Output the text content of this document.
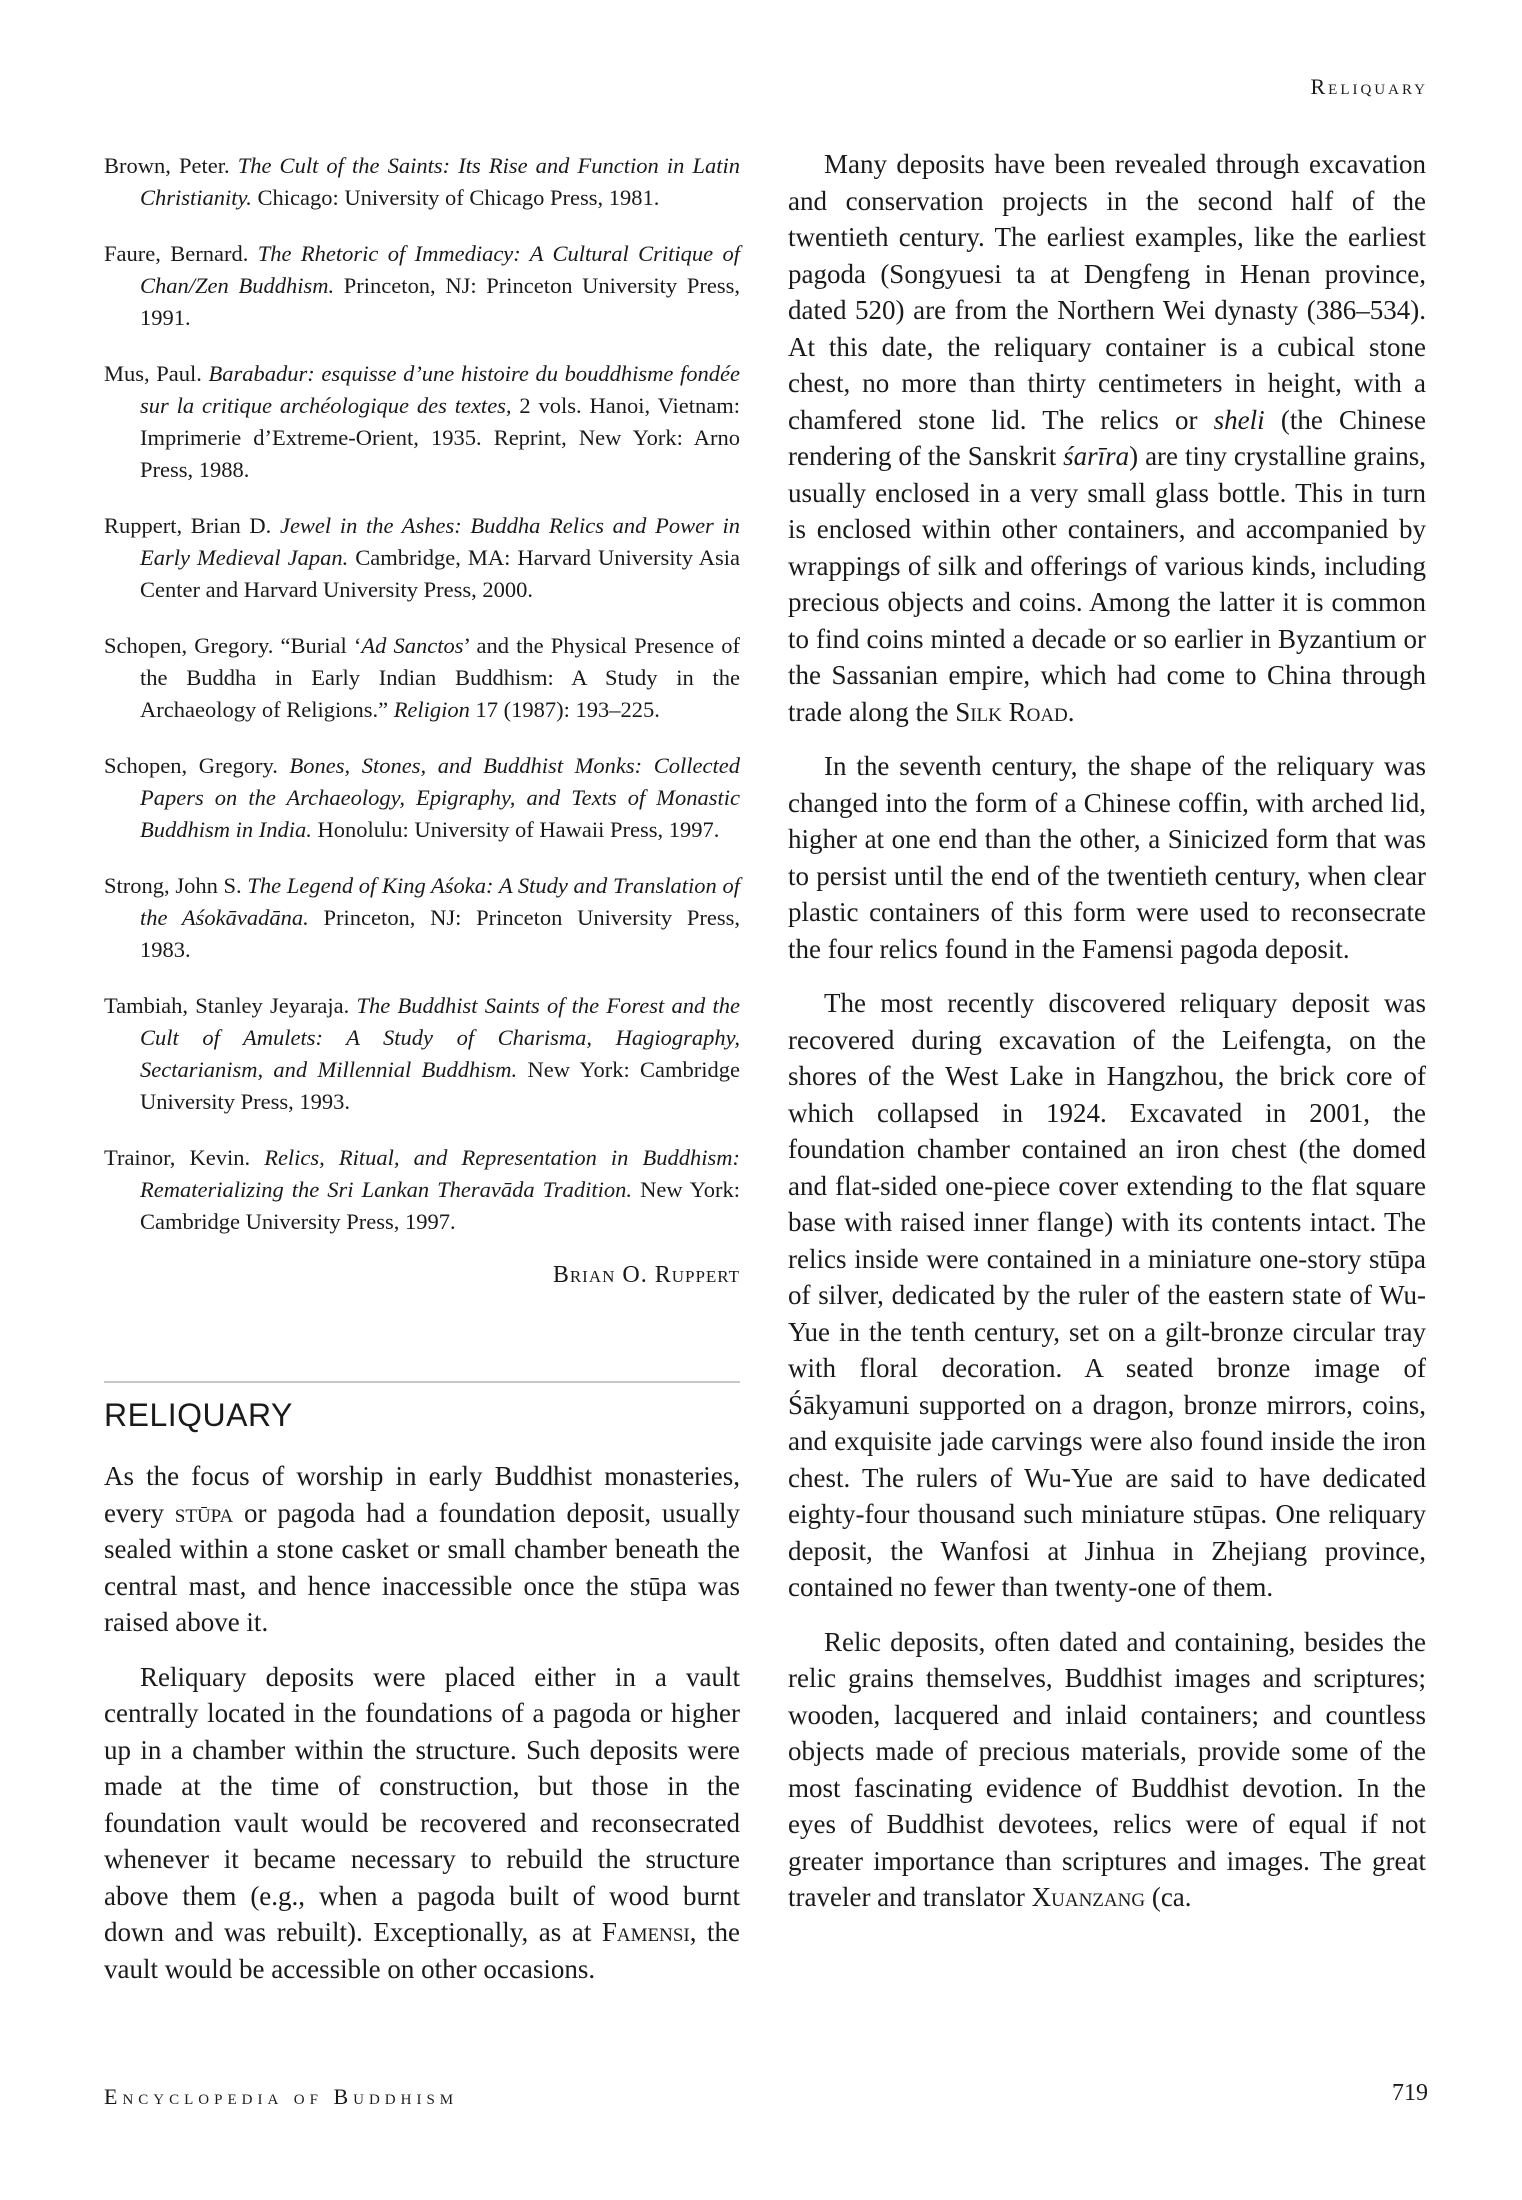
Reliquary

Brown, Peter. The Cult of the Saints: Its Rise and Function in Latin Christianity. Chicago: University of Chicago Press, 1981.

Faure, Bernard. The Rhetoric of Immediacy: A Cultural Critique of Chan/Zen Buddhism. Princeton, NJ: Princeton University Press, 1991.

Mus, Paul. Barabadur: esquisse d’une histoire du bouddhisme fondée sur la critique archéologique des textes, 2 vols. Hanoi, Vietnam: Imprimerie d’Extreme-Orient, 1935. Reprint, New York: Arno Press, 1988.

Ruppert, Brian D. Jewel in the Ashes: Buddha Relics and Power in Early Medieval Japan. Cambridge, MA: Harvard University Asia Center and Harvard University Press, 2000.

Schopen, Gregory. “Burial ‘Ad Sanctos’ and the Physical Presence of the Buddha in Early Indian Buddhism: A Study in the Archaeology of Religions.” Religion 17 (1987): 193–225.

Schopen, Gregory. Bones, Stones, and Buddhist Monks: Collected Papers on the Archaeology, Epigraphy, and Texts of Monastic Buddhism in India. Honolulu: University of Hawaii Press, 1997.

Strong, John S. The Legend of King Aśoka: A Study and Translation of the Aśokāvadāna. Princeton, NJ: Princeton University Press, 1983.

Tambiah, Stanley Jeyaraja. The Buddhist Saints of the Forest and the Cult of Amulets: A Study of Charisma, Hagiography, Sectarianism, and Millennial Buddhism. New York: Cambridge University Press, 1993.

Trainor, Kevin. Relics, Ritual, and Representation in Buddhism: Rematerializing the Sri Lankan Theravāda Tradition. New York: Cambridge University Press, 1997.

Brian O. Ruppert
RELIQUARY

As the focus of worship in early Buddhist monasteries, every stūpa or pagoda had a foundation deposit, usually sealed within a stone casket or small chamber beneath the central mast, and hence inaccessible once the stūpa was raised above it.

Reliquary deposits were placed either in a vault centrally located in the foundations of a pagoda or higher up in a chamber within the structure. Such deposits were made at the time of construction, but those in the foundation vault would be recovered and reconsecrated whenever it became necessary to rebuild the structure above them (e.g., when a pagoda built of wood burnt down and was rebuilt). Exceptionally, as at Famensi, the vault would be accessible on other occasions.

Many deposits have been revealed through excavation and conservation projects in the second half of the twentieth century. The earliest examples, like the earliest pagoda (Songyuesi ta at Dengfeng in Henan province, dated 520) are from the Northern Wei dynasty (386–534). At this date, the reliquary container is a cubical stone chest, no more than thirty centimeters in height, with a chamfered stone lid. The relics or sheli (the Chinese rendering of the Sanskrit śarīra) are tiny crystalline grains, usually enclosed in a very small glass bottle. This in turn is enclosed within other containers, and accompanied by wrappings of silk and offerings of various kinds, including precious objects and coins. Among the latter it is common to find coins minted a decade or so earlier in Byzantium or the Sassanian empire, which had come to China through trade along the Silk Road.

In the seventh century, the shape of the reliquary was changed into the form of a Chinese coffin, with arched lid, higher at one end than the other, a Sinicized form that was to persist until the end of the twentieth century, when clear plastic containers of this form were used to reconsecrate the four relics found in the Famensi pagoda deposit.

The most recently discovered reliquary deposit was recovered during excavation of the Leifengta, on the shores of the West Lake in Hangzhou, the brick core of which collapsed in 1924. Excavated in 2001, the foundation chamber contained an iron chest (the domed and flat-sided one-piece cover extending to the flat square base with raised inner flange) with its contents intact. The relics inside were contained in a miniature one-story stūpa of silver, dedicated by the ruler of the eastern state of Wu-Yue in the tenth century, set on a gilt-bronze circular tray with floral decoration. A seated bronze image of Śākyamuni supported on a dragon, bronze mirrors, coins, and exquisite jade carvings were also found inside the iron chest. The rulers of Wu-Yue are said to have dedicated eighty-four thousand such miniature stūpas. One reliquary deposit, the Wanfosi at Jinhua in Zhejiang province, contained no fewer than twenty-one of them.

Relic deposits, often dated and containing, besides the relic grains themselves, Buddhist images and scriptures; wooden, lacquered and inlaid containers; and countless objects made of precious materials, provide some of the most fascinating evidence of Buddhist devotion. In the eyes of Buddhist devotees, relics were of equal if not greater importance than scriptures and images. The great traveler and translator Xuanzang (ca.

Encyclopedia of Buddhism	719
